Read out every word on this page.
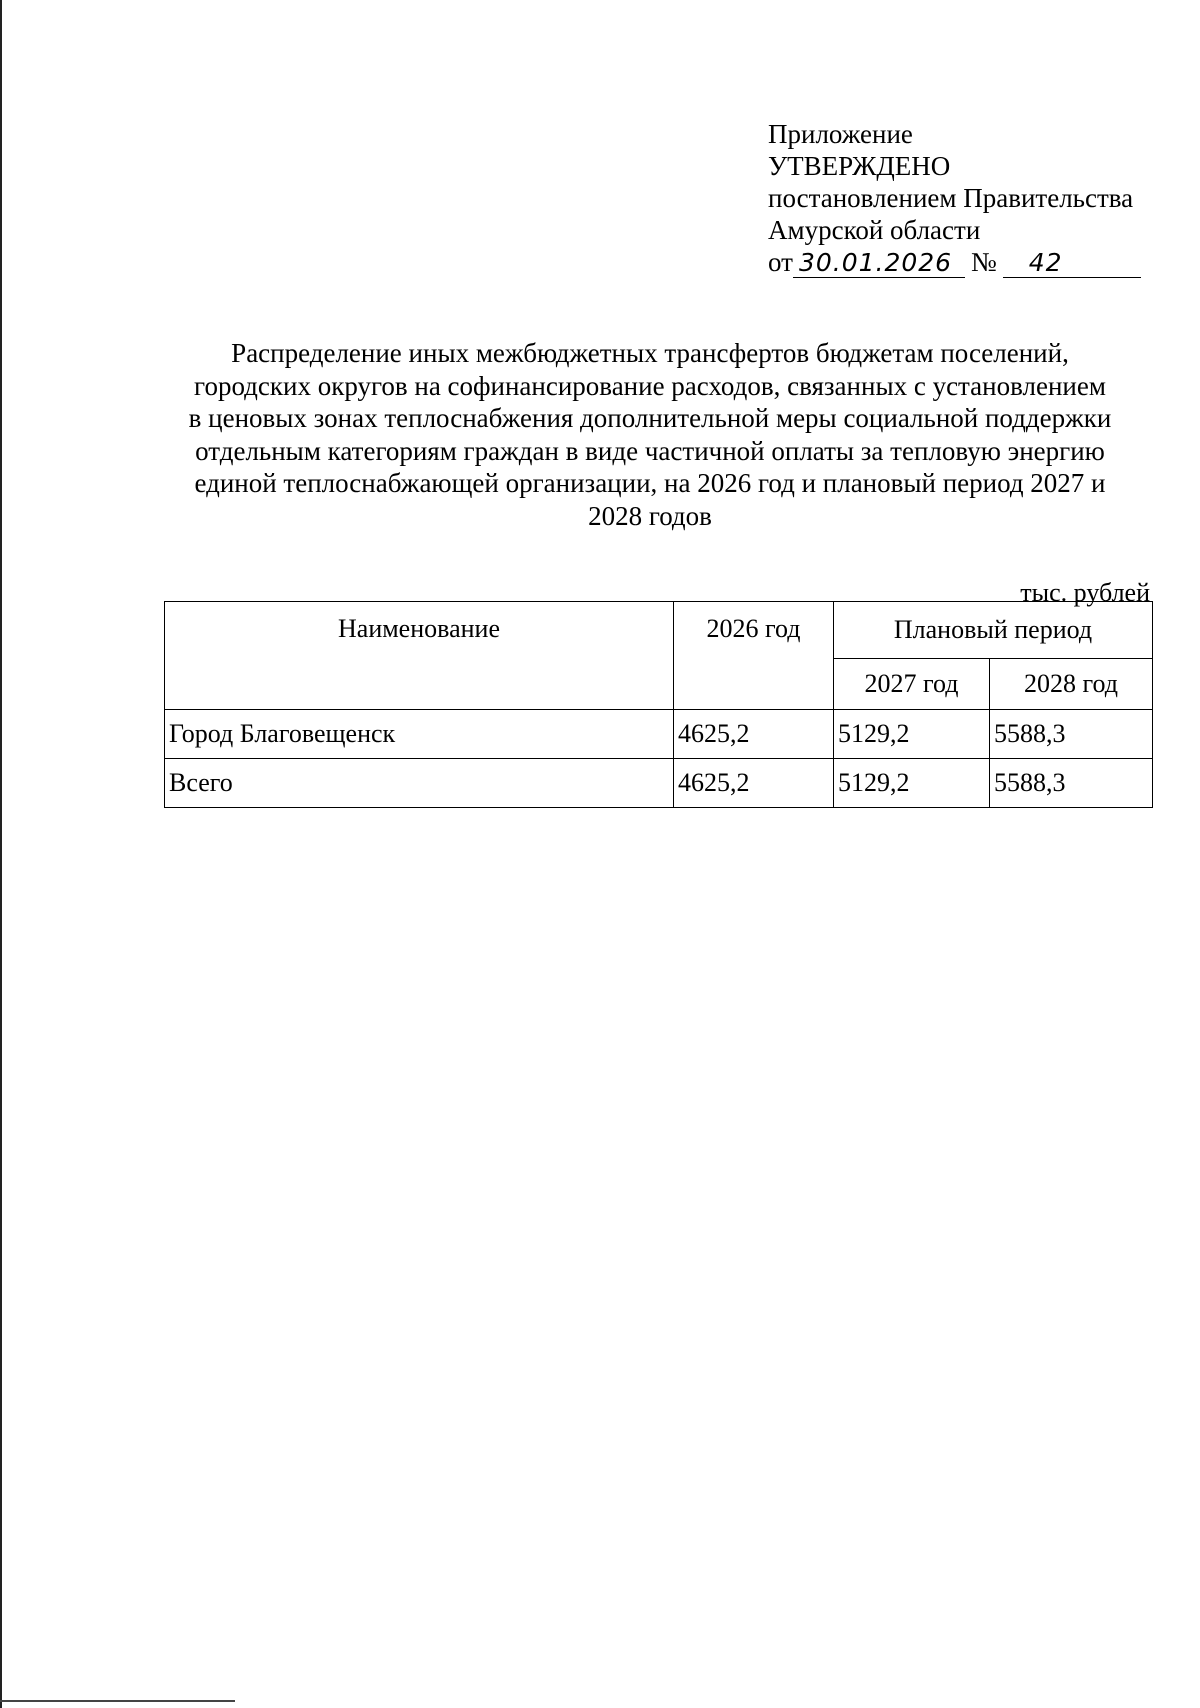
Приложение
УТВЕРЖДЕНО
постановлением Правительства
Амурской области
от 30.01.2026 №	42
Распределение иных межбюджетных трансфертов бюджетам поселений,
городских округов на софинансирование расходов, связанных с установлением
в ценовых зонах теплоснабжения дополнительной меры социальной поддержки
отдельным категориям граждан в виде частичной оплаты за тепловую энергию
единой теплоснабжающей организации, на 2026 год и плановый период 2027 и
2028 годов
тыс. рублей
Наименование	2026 год	Плановый период	
		2027 год	2028 год
Город Благовещенск	4625,2	5129,2	5588,3
Всего	4625,2	5129,2	5588,3
